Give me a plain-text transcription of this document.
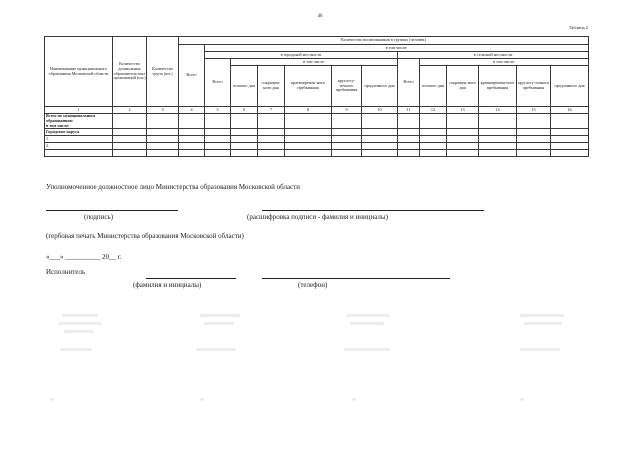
46
Таблица 2
Наименование муниципального образования Московской области	Количество дошкольных образователь-ных организаций (шт.)	Количество групп (шт.)	Количество воспитанников в группах (человек)												
			Всего	в том числе:											
				в городской местности						в сельской местности					
				Всего	в том числе:					Всего	в том числе:				
					полного дня	сокращен-ного дня	кратковремен-ного пребывания	круглосу-точного пребывания	продленного дня		полного дня	сокращен-ного дня	кратковремен-ного пребывания	круглосу-точного пребывания	продленного дня
1	2	3	4	5	6	7	8	9	10	11	12	13	14	15	16
Всего по муниципальным образованиям
в том числе:															
Городские округа															
1.															
2.															

Уполномоченное должностное лицо Министерства образования Московской области
(подпись)	(расшифровка подписи - фамилия и инициалы)
(гербовая печать Министерства образования Московской области)
«___» __________ 20__ г.
Исполнитель
(фамилия и инициалы)	(телефон)
